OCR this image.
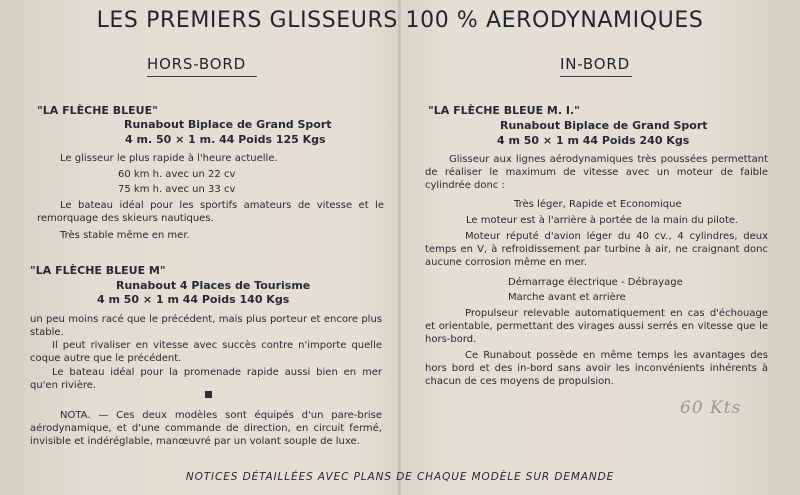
LES PREMIERS GLISSEURS 100 % AERODYNAMIQUES
HORS-BORD
"LA FLÈCHE BLEUE"
Runabout Biplace de Grand Sport
4 m. 50 × 1 m. 44 Poids 125 Kgs
Le glisseur le plus rapide à l'heure actuelle.
60 km h. avec un 22 cv
75 km h. avec un 33 cv
Le bateau idéal pour les sportifs amateurs de vitesse et le remorquage des skieurs nautiques.
Très stable même en mer.
"LA FLÈCHE BLEUE M"
Runabout 4 Places de Tourisme
4 m 50 × 1 m 44 Poids 140 Kgs
un peu moins racé que le précédent, mais plus porteur et encore plus stable.
Il peut rivaliser en vitesse avec succès contre n'importe quelle coque autre que le précédent.
Le bateau idéal pour la promenade rapide aussi bien en mer qu'en rivière.
NOTA. — Ces deux modèles sont équipés d'un pare-brise aérodynamique, et d'une commande de direction, en circuit fermé, invisible et indéréglable, manœuvré par un volant souple de luxe.
IN-BORD
"LA FLÈCHE BLEUE M. I."
Runabout Biplace de Grand Sport
4 m 50 × 1 m 44 Poids 240 Kgs
Glisseur aux lignes aérodynamiques très poussées permettant de réaliser le maximum de vitesse avec un moteur de faible cylindrée donc :
Très léger, Rapide et Economique
Le moteur est à l'arrière à portée de la main du pilote.
Moteur réputé d'avion léger du 40 cv., 4 cylindres, deux temps en V, à refroidissement par turbine à air, ne craignant donc aucune corrosion même en mer.
Démarrage électrique - Débrayage
Marche avant et arrière
Propulseur relevable automatiquement en cas d'échouage et orientable, permettant des virages aussi serrés en vitesse que le hors-bord.
Ce Runabout possède en même temps les avantages des hors bord et des in-bord sans avoir les inconvénients inhérents à chacun de ces moyens de propulsion.
60 Kts
NOTICES DÉTAILLÉES AVEC PLANS DE CHAQUE MODÈLE SUR DEMANDE
